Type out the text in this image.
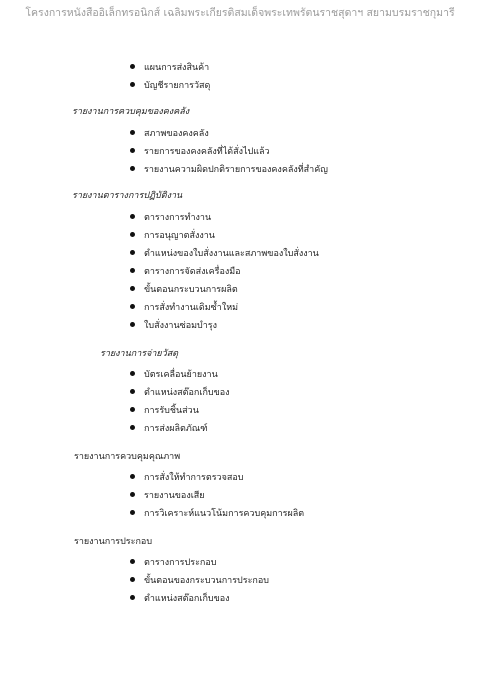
โครงการหนังสืออิเล็กทรอนิกส์ เฉลิมพระเกียรติสมเด็จพระเทพรัตนราชสุดาฯ สยามบรมราชกุมารี
แผนการส่งสินค้า
บัญชีรายการวัสดุ
รายงานการควบคุมของคงคลัง
สภาพของคงคลัง
รายการของคงคลังที่ได้สั่งไปแล้ว
รายงานความผิดปกติรายการของคงคลังที่สำคัญ
รายงานตารางการปฏิบัติงาน
ตารางการทำงาน
การอนุญาตสั่งงาน
ตำแหน่งของใบสั่งงานและสภาพของใบสั่งงาน
ตารางการจัดส่งเครื่องมือ
ขั้นตอนกระบวนการผลิต
การสั่งทำงานเดิมซ้ำใหม่
ใบสั่งงานซ่อมบำรุง
รายงานการจ่ายวัสดุ
บัตรเคลื่อนย้ายงาน
ตำแหน่งสต๊อกเก็บของ
การรับชิ้นส่วน
การส่งผลิตภัณฑ์
รายงานการควบคุมคุณภาพ
การสั่งให้ทำการตรวจสอบ
รายงานของเสีย
การวิเคราะห์แนวโน้มการควบคุมการผลิต
รายงานการประกอบ
ตารางการประกอบ
ขั้นตอนของกระบวนการประกอบ
ตำแหน่งสต๊อกเก็บของ
